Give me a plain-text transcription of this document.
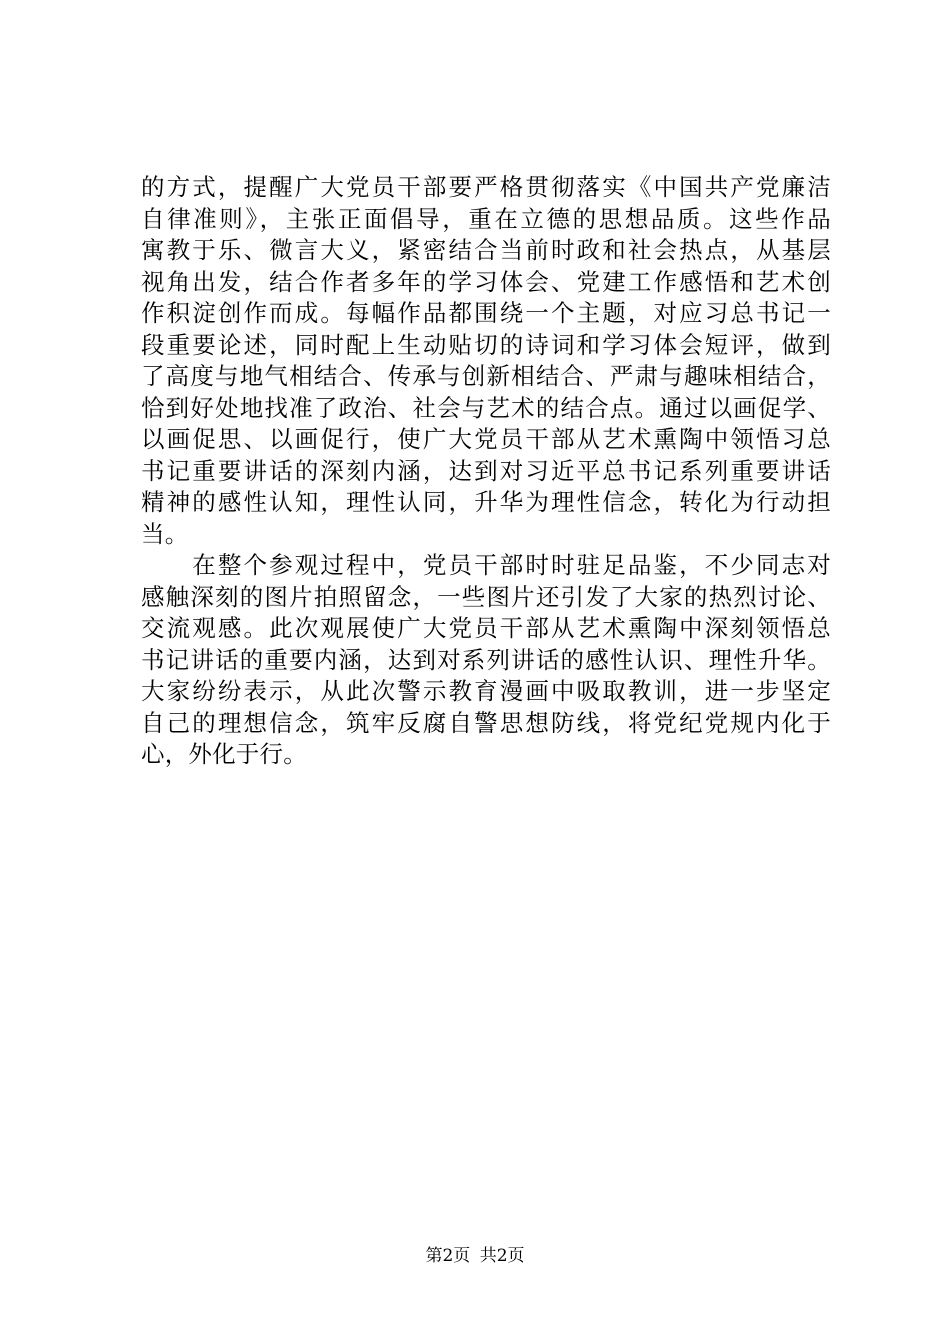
的方式，提醒广大党员干部要严格贯彻落实《中国共产党廉洁
自律准则》，主张正面倡导，重在立德的思想品质。这些作品
寓教于乐、微言大义，紧密结合当前时政和社会热点，从基层
视角出发，结合作者多年的学习体会、党建工作感悟和艺术创
作积淀创作而成。每幅作品都围绕一个主题，对应习总书记一
段重要论述，同时配上生动贴切的诗词和学习体会短评，做到
了高度与地气相结合、传承与创新相结合、严肃与趣味相结合，
恰到好处地找准了政治、社会与艺术的结合点。通过以画促学、
以画促思、以画促行，使广大党员干部从艺术熏陶中领悟习总
书记重要讲话的深刻内涵，达到对习近平总书记系列重要讲话
精神的感性认知，理性认同，升华为理性信念，转化为行动担
当。
　　在整个参观过程中，党员干部时时驻足品鉴，不少同志对
感触深刻的图片拍照留念，一些图片还引发了大家的热烈讨论、
交流观感。此次观展使广大党员干部从艺术熏陶中深刻领悟总
书记讲话的重要内涵，达到对系列讲话的感性认识、理性升华。
大家纷纷表示，从此次警示教育漫画中吸取教训，进一步坚定
自己的理想信念，筑牢反腐自警思想防线，将党纪党规内化于
心，外化于行。
第2页 共2页
